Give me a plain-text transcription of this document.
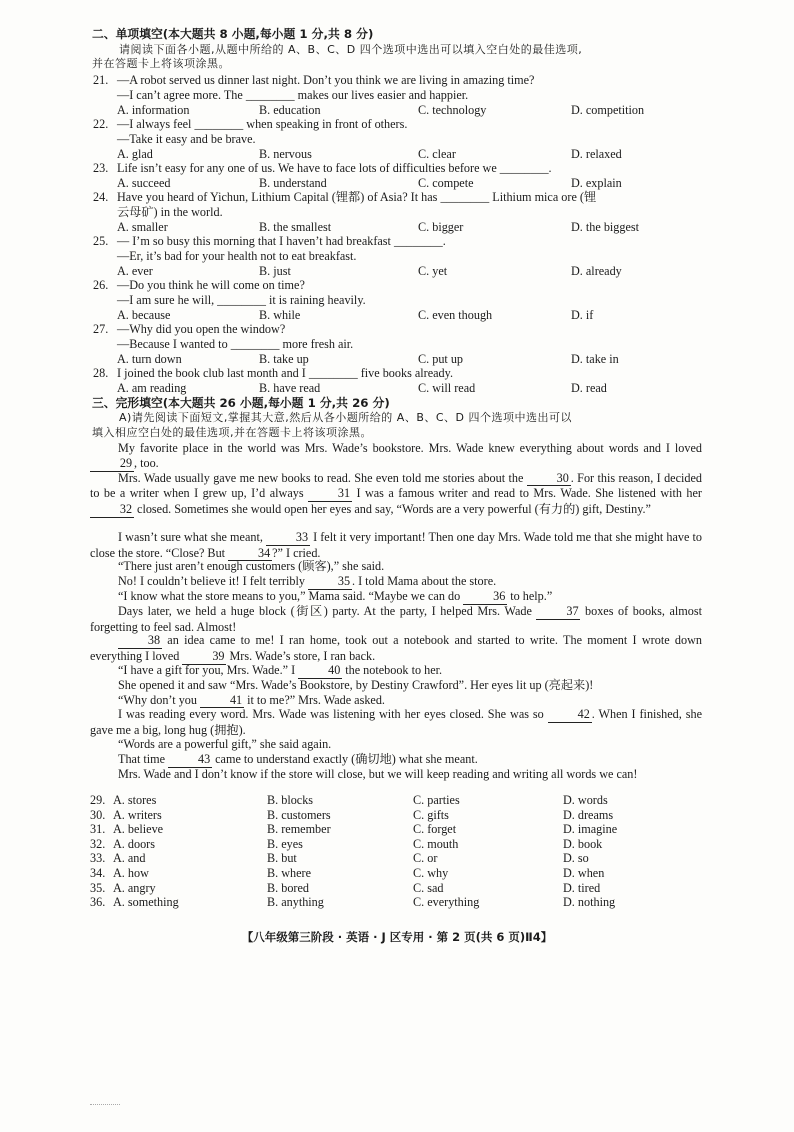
二、单项填空(本大题共 8 小题,每小题 1 分,共 8 分)
请阅读下面各小题,从题中所给的 A、B、C、D 四个选项中选出可以填入空白处的最佳选项,
并在答题卡上将该项涂黑。
21. —A robot served us dinner last night. Don’t you think we are living in amazing time?
—I can’t agree more. The ________ makes our lives easier and happier.
A. information	B. education	C. technology	D. competition
22. —I always feel ________ when speaking in front of others.
—Take it easy and be brave.
A. glad	B. nervous	C. clear	D. relaxed
23. Life isn’t easy for any one of us. We have to face lots of difficulties before we ________.
A. succeed	B. understand	C. compete	D. explain
24. Have you heard of Yichun, Lithium Capital (锂都) of Asia? It has ________ Lithium mica ore (锂
云母矿) in the world.
A. smaller	B. the smallest	C. bigger	D. the biggest
25. — I’m so busy this morning that I haven’t had breakfast ________.
—Er, it’s bad for your health not to eat breakfast.
A. ever	B. just	C. yet	D. already
26. —Do you think he will come on time?
—I am sure he will, ________ it is raining heavily.
A. because	B. while	C. even though	D. if
27. —Why did you open the window?
—Because I wanted to ________ more fresh air.
A. turn down	B. take up	C. put up	D. take in
28. I joined the book club last month and I ________ five books already.
A. am reading	B. have read	C. will read	D. read
三、完形填空(本大题共 26 小题,每小题 1 分,共 26 分)
A)请先阅读下面短文,掌握其大意,然后从各小题所给的 A、B、C、D 四个选项中选出可以
填入相应空白处的最佳选项,并在答题卡上将该项涂黑。
My favorite place in the world was Mrs. Wade’s bookstore. Mrs. Wade knew everything about words and I loved 29 , too.
Mrs. Wade usually gave me new books to read. She even told me stories about the 30 . For this reason, I decided to be a writer when I grew up, I’d always 31 I was a famous writer and read to Mrs. Wade. She listened with her 32 closed. Sometimes she would open her eyes and say, “Words are a very powerful (有力的) gift, Destiny.”
I wasn’t sure what she meant, 33 I felt it very important! Then one day Mrs. Wade told me that she might have to close the store. “Close? But 34 ?” I cried.
“There just aren’t enough customers (顾客),” she said.
No! I couldn’t believe it! I felt terribly 35 . I told Mama about the store.
“I know what the store means to you,” Mama said. “Maybe we can do 36 to help.”
Days later, we held a huge block (街区) party. At the party, I helped Mrs. Wade 37 boxes of books, almost forgetting to feel sad. Almost!
38 an idea came to me! I ran home, took out a notebook and started to write. The moment I wrote down everything I loved 39 Mrs. Wade’s store, I ran back.
“I have a gift for you, Mrs. Wade.” I 40 the notebook to her.
She opened it and saw “Mrs. Wade’s Bookstore, by Destiny Crawford”. Her eyes lit up (亮起来)!
“Why don’t you 41 it to me?” Mrs. Wade asked.
I was reading every word. Mrs. Wade was listening with her eyes closed. She was so 42 . When I finished, she gave me a big, long hug (拥抱).
“Words are a powerful gift,” she said again.
That time 43 came to understand exactly (确切地) what she meant.
Mrs. Wade and I don’t know if the store will close, but we will keep reading and writing all words we can!
29. A. stores	B. blocks	C. parties	D. words
30. A. writers	B. customers	C. gifts	D. dreams
31. A. believe	B. remember	C. forget	D. imagine
32. A. doors	B. eyes	C. mouth	D. book
33. A. and	B. but	C. or	D. so
34. A. how	B. where	C. why	D. when
35. A. angry	B. bored	C. sad	D. tired
36. A. something	B. anything	C. everything	D. nothing
【八年级第三阶段 · 英语 · J 区专用 · 第 2 页(共 6 页)Ⅱ4】
